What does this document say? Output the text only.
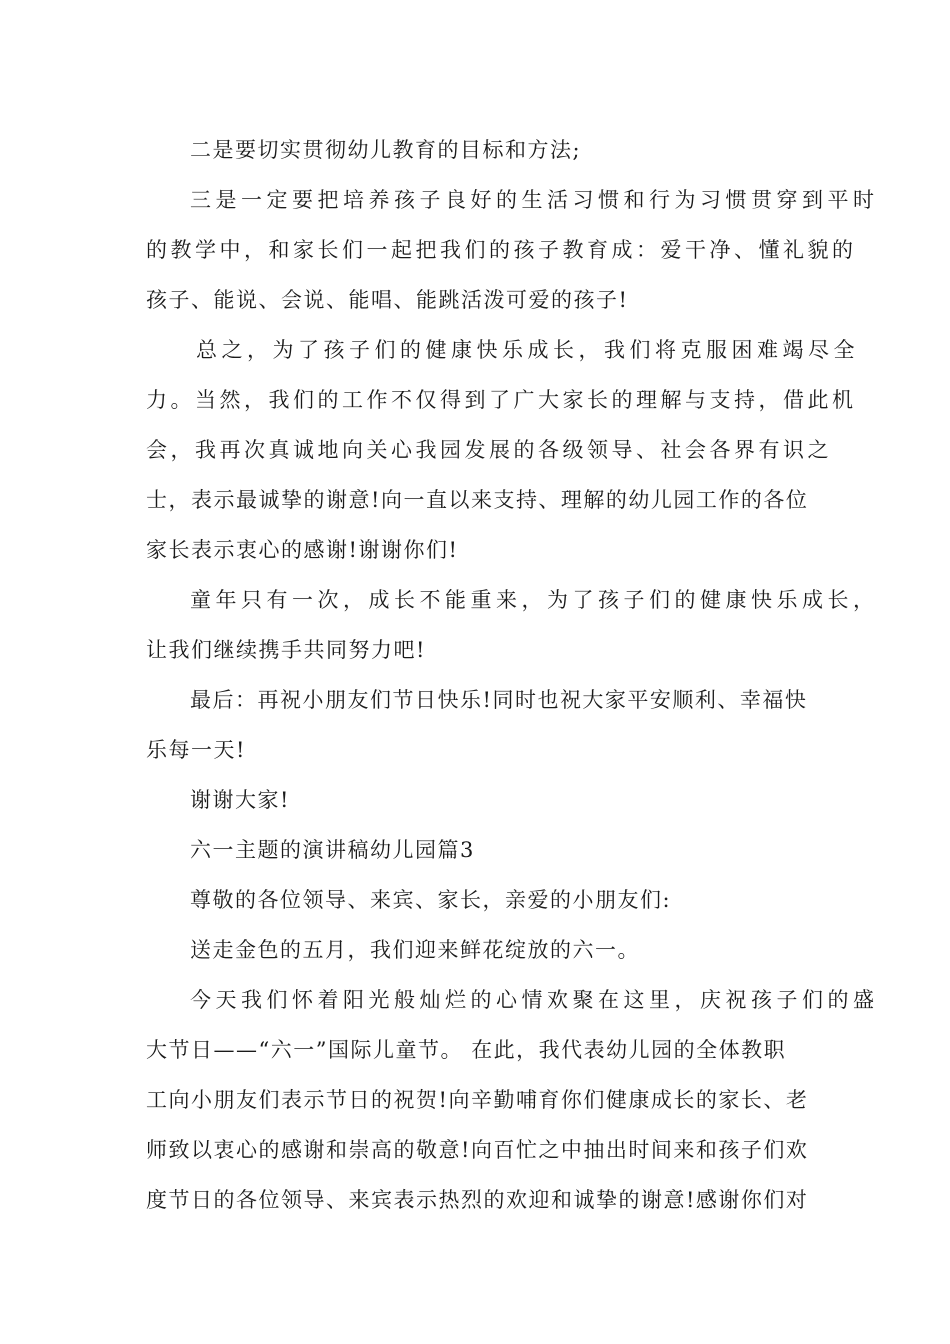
二是要切实贯彻幼儿教育的目标和方法;
三是一定要把培养孩子良好的生活习惯和行为习惯贯穿到平时
的教学中，和家长们一起把我们的孩子教育成：爱干净、懂礼貌的
孩子、能说、会说、能唱、能跳活泼可爱的孩子!
总之，为了孩子们的健康快乐成长，我们将克服困难竭尽全
力。当然，我们的工作不仅得到了广大家长的理解与支持，借此机
会，我再次真诚地向关心我园发展的各级领导、社会各界有识之
士，表示最诚挚的谢意!向一直以来支持、理解的幼儿园工作的各位
家长表示衷心的感谢!谢谢你们!
童年只有一次，成长不能重来，为了孩子们的健康快乐成长，
让我们继续携手共同努力吧!
最后：再祝小朋友们节日快乐!同时也祝大家平安顺利、幸福快
乐每一天!
谢谢大家!
六一主题的演讲稿幼儿园篇3
尊敬的各位领导、来宾、家长，亲爱的小朋友们:
送走金色的五月，我们迎来鲜花绽放的六一。
今天我们怀着阳光般灿烂的心情欢聚在这里，庆祝孩子们的盛
大节日——“六一”国际儿童节。 在此，我代表幼儿园的全体教职
工向小朋友们表示节日的祝贺!向辛勤哺育你们健康成长的家长、老
师致以衷心的感谢和崇高的敬意!向百忙之中抽出时间来和孩子们欢
度节日的各位领导、来宾表示热烈的欢迎和诚挚的谢意!感谢你们对
